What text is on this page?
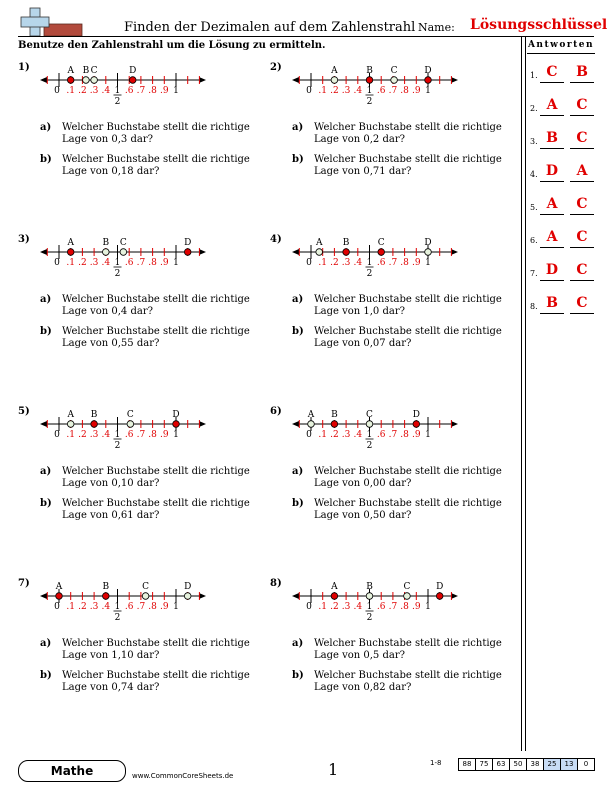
Finden der Dezimalen auf dem Zahlenstrahl Name: Lösungsschlüssel
Benutze den Zahlenstrahl um die Lösung zu ermitteln.	Antworten
1. C	B
2. A	C
3. B	C
4. D	A
5. A	C
6. A	C
7. D	C
8. B	C
1)
0	1
1
2
.1 .2 .3 .4 .6 .7 .8 .9
A B C	D
a) Welcher Buchstabe stellt die richtige
Lage von 0,3 dar?
b) Welcher Buchstabe stellt die richtige
Lage von 0,18 dar?
2)
0	1
1
2
.1 .2 .3 .4 .6 .7 .8 .9
A	B C	D
a) Welcher Buchstabe stellt die richtige
Lage von 0,2 dar?
b) Welcher Buchstabe stellt die richtige
Lage von 0,71 dar?
3)
0	1
1
2
.1 .2 .3 .4 .6 .7 .8 .9
A	B C	D
a) Welcher Buchstabe stellt die richtige
Lage von 0,4 dar?
b) Welcher Buchstabe stellt die richtige
Lage von 0,55 dar?
4)
0	1
1
2
.1 .2 .3 .4 .6 .7 .8 .9
A B	C	D
a) Welcher Buchstabe stellt die richtige
Lage von 1,0 dar?
b) Welcher Buchstabe stellt die richtige
Lage von 0,07 dar?
5)
0	1
1
2
.1 .2 .3 .4 .6 .7 .8 .9
A B	C	D
a) Welcher Buchstabe stellt die richtige
Lage von 0,10 dar?
b) Welcher Buchstabe stellt die richtige
Lage von 0,61 dar?
6)
0	1
1
2
.1 .2 .3 .4 .6 .7 .8 .9
A B	C	D
a) Welcher Buchstabe stellt die richtige
Lage von 0,00 dar?
b) Welcher Buchstabe stellt die richtige
Lage von 0,50 dar?
7)
0	1
1
2
.1 .2 .3 .4 .6 .7 .8 .9
A	B	C	D
a) Welcher Buchstabe stellt die richtige
Lage von 1,10 dar?
b) Welcher Buchstabe stellt die richtige
Lage von 0,74 dar?
8)
0	1
1
2
.1 .2 .3 .4 .6 .7 .8 .9
A	B	C	D
a) Welcher Buchstabe stellt die richtige
Lage von 0,5 dar?
b) Welcher Buchstabe stellt die richtige
Lage von 0,82 dar?
Mathe	www.CommonCoreSheets.de	1	1-8	88	75	63	50	38	25	13	0
